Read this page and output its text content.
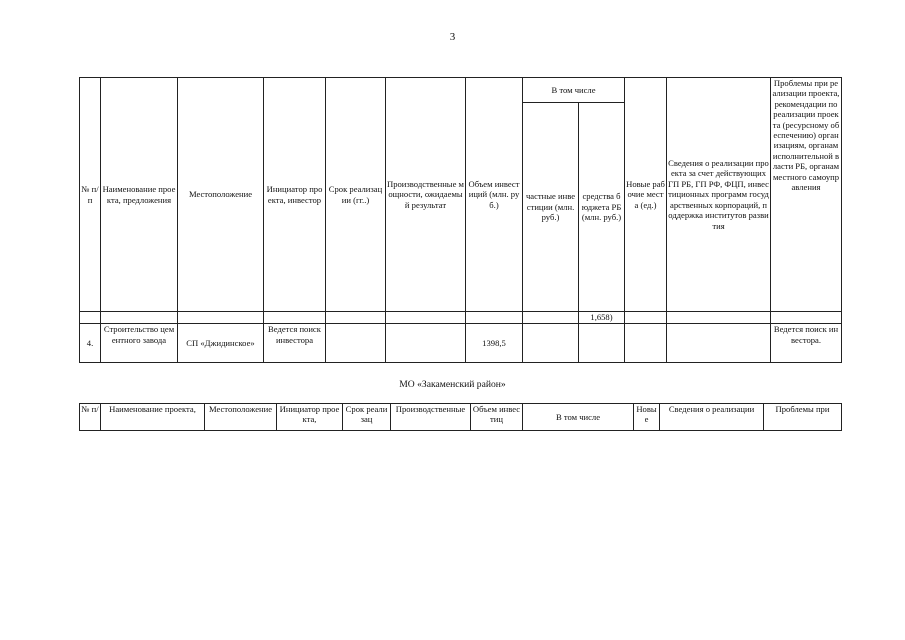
3
№ п/п	Наименование проекта, предложения	Местоположение	Инициатор проекта, инвестор	Срок реализации (гг..)	Производственные мощности, ожидаемый результат	Объем инвестиций (млн. руб.)	В том числе		Новые рабочие места (ед.)	Сведения о реализации проекта за счет действующих ГП РБ, ГП РФ, ФЦП, инвестиционных программ государственных корпораций, поддержка институтов развития	Проблемы при реализации проекта, рекомендации по реализации проекта (ресурсному обеспечению) организациям, органам исполнительной власти РБ, органам местного самоуправления
							частные инвестиции (млн. руб.)	средства бюджета РБ (млн. руб.)			
								1,658)			
4.	Строительство цементного завода	СП «Джидинское»	Ведется поиск инвестора			1398,5					Ведется поиск инвестора.
МО «Закаменский район»
№ п/	Наименование проекта,	Местоположение	Инициатор проекта,	Срок реализац	Производственные	Объем инвестиц	В том числе	Новые	Сведения о реализации	Проблемы при
